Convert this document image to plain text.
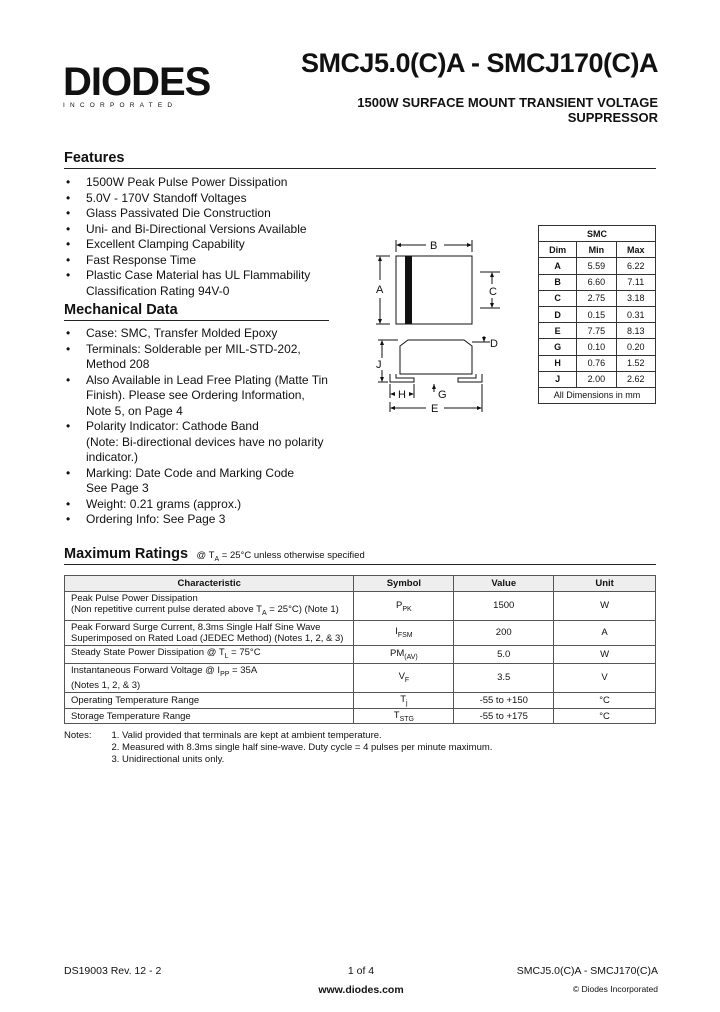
DIODES
INCORPORATED
SMCJ5.0(C)A - SMCJ170(C)A
1500W SURFACE MOUNT TRANSIENT VOLTAGE
SUPPRESSOR
Features
• 1500W Peak Pulse Power Dissipation
• 5.0V - 170V Standoff Voltages
• Glass Passivated Die Construction
• Uni- and Bi-Directional Versions Available
• Excellent Clamping Capability
• Fast Response Time
• Plastic Case Material has UL Flammability
Classification Rating 94V-0
Mechanical Data
• Case: SMC, Transfer Molded Epoxy
• Terminals: Solderable per MIL-STD-202,
Method 208
• Also Available in Lead Free Plating (Matte Tin
Finish). Please see Ordering Information,
Note 5, on Page 4
• Polarity Indicator: Cathode Band
(Note: Bi-directional devices have no polarity
indicator.)
• Marking: Date Code and Marking Code
See Page 3
• Weight: 0.21 grams (approx.)
• Ordering Info: See Page 3
B
A	C
D
J
H	G
E
SMC		
Dim	Min	Max
A	5.59	6.22
B	6.60	7.11
C	2.75	3.18
D	0.15	0.31
E	7.75	8.13
G	0.10	0.20
H	0.76	1.52
J	2.00	2.62
All Dimensions in mm		
Maximum Ratings @ $T_A = 25^\circ C$ unless otherwise specified
Characteristic	Symbol	Value	Unit

Peak Pulse Power Dissipation
(Non repetitive current pulse derated above $T_A = 25^\circ C$) (Note 1)	$P_{PK}$	1500	W

Peak Forward Surge Current, 8.3ms Single Half Sine Wave
Superimposed on Rated Load (JEDEC Method) (Notes 1, 2, & 3)	$I_{FSM}$	200	A

Steady State Power Dissipation @ $T_L = 75^\circ C$	$PM_{(AV)}$	5.0	W

Instantaneous Forward Voltage @ $I_{PP} = 35A$
(Notes 1, 2, & 3)	$V_F$	3.5	V

Operating Temperature Range	$T_j$	-55 to +150	°C

Storage Temperature Range	$T_{STG}$	-55 to +175	°C
Notes:	1. Valid provided that terminals are kept at ambient temperature.
2. Measured with 8.3ms single half sine-wave. Duty cycle = 4 pulses per minute maximum.
3. Unidirectional units only.
DS19003 Rev. 12 - 2	1 of 4
www.diodes.com
SMCJ5.0(C)A - SMCJ170(C)A
© Diodes Incorporated
